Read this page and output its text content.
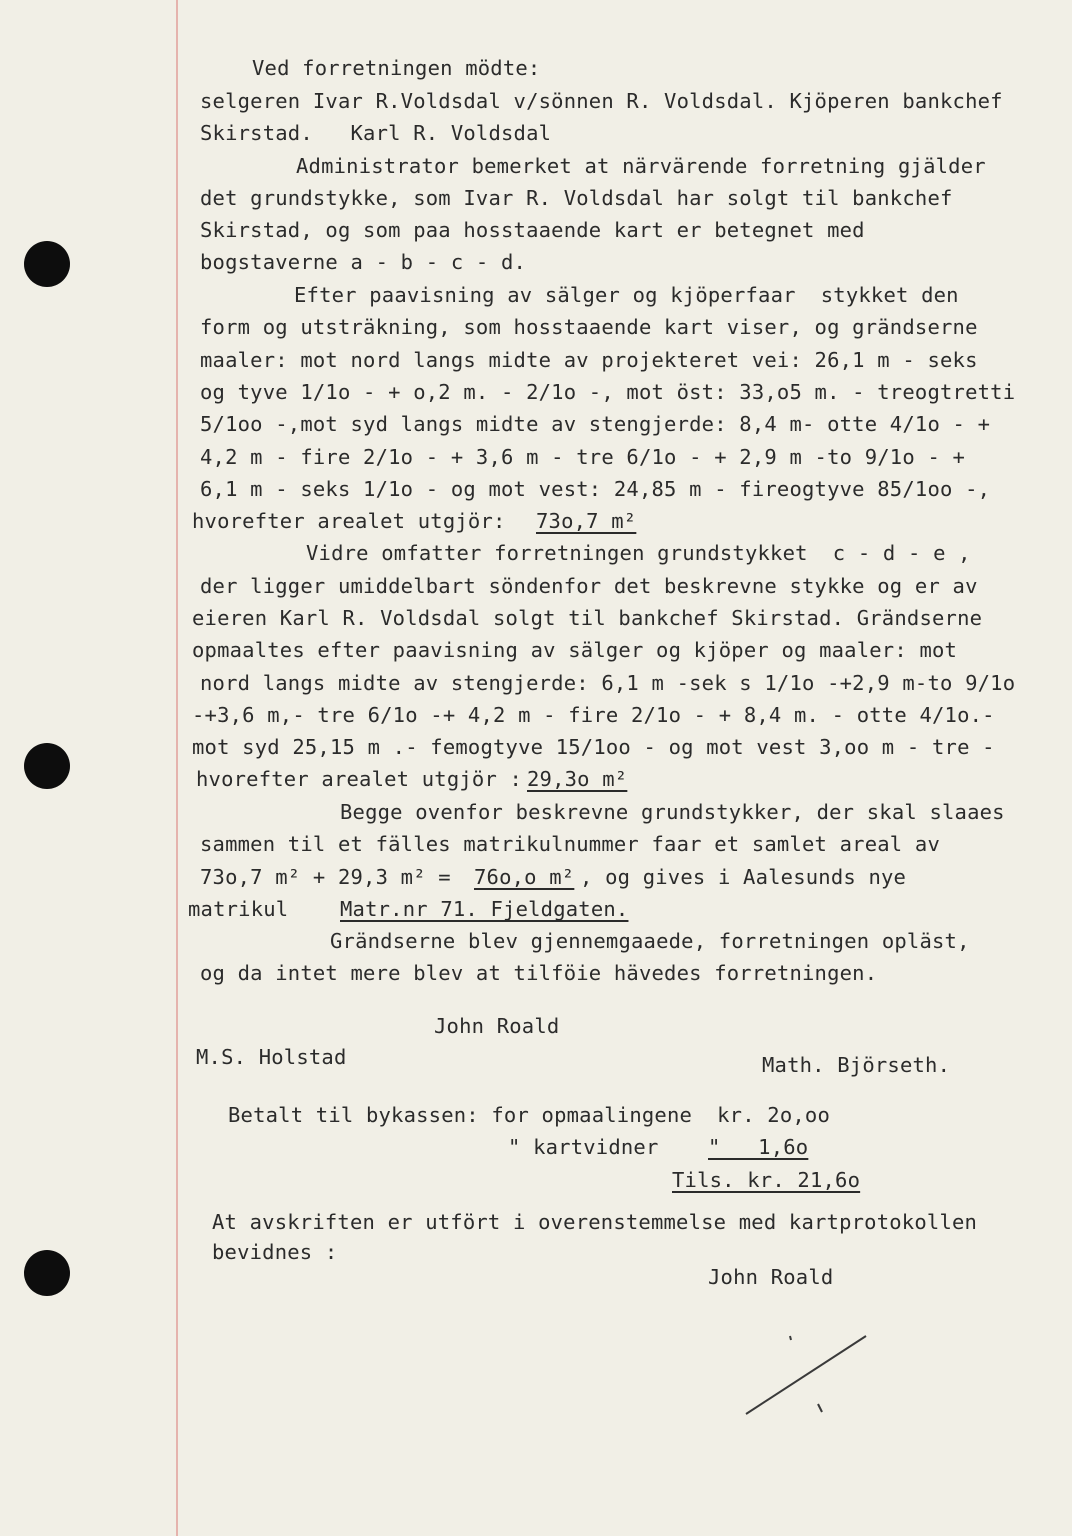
Ved forretningen mödte:
selgeren Ivar R.Voldsdal v/sönnen R. Voldsdal. Kjöperen bankchef
Skirstad.   Karl R. Voldsdal
Administrator bemerket at närvärende forretning gjälder
det grundstykke, som Ivar R. Voldsdal har solgt til bankchef
Skirstad, og som paa hosstaaende kart er betegnet med
bogstaverne a - b - c - d.
Efter paavisning av sälger og kjöperfaar  stykket den
form og utsträkning, som hosstaaende kart viser, og grändserne
maaler: mot nord langs midte av projekteret vei: 26,1 m - seks
og tyve 1/1o - + o,2 m. - 2/1o -, mot öst: 33,o5 m. - treogtretti
5/1oo -,mot syd langs midte av stengjerde: 8,4 m- otte 4/1o - +
4,2 m - fire 2/1o - + 3,6 m - tre 6/1o - + 2,9 m -to 9/1o - +
6,1 m - seks 1/1o - og mot vest: 24,85 m - fireogtyve 85/1oo -,
hvorefter arealet utgjör: 73o,7 m²
Vidre omfatter forretningen grundstykket  c - d - e ,
der ligger umiddelbart söndenfor det beskrevne stykke og er av
eieren Karl R. Voldsdal solgt til bankchef Skirstad. Grändserne
opmaaltes efter paavisning av sälger og kjöper og maaler: mot
nord langs midte av stengjerde: 6,1 m -sek s 1/1o -+2,9 m-to 9/1o
-+3,6 m,- tre 6/1o -+ 4,2 m - fire 2/1o - + 8,4 m. - otte 4/1o.-
mot syd 25,15 m .- femogtyve 15/1oo - og mot vest 3,oo m - tre -
hvorefter arealet utgjör : 29,3o m²
Begge ovenfor beskrevne grundstykker, der skal slaaes
sammen til et fälles matrikulnummer faar et samlet areal av
73o,7 m² + 29,3 m² = 76o,o m² , og gives i Aalesunds nye
matrikul	Matr.nr 71. Fjeldgaten.
Grändserne blev gjennemgaaede, forretningen opläst,
og da intet mere blev at tilföie hävedes forretningen.
John Roald
M.S. Holstad	Math. Björseth.
Betalt til bykassen: for opmaalingene  kr. 2o,oo
" kartvidner "   1,6o
Tils. kr. 21,6o
At avskriften er utfört i overenstemmelse med kartprotokollen
bevidnes :
John Roald
